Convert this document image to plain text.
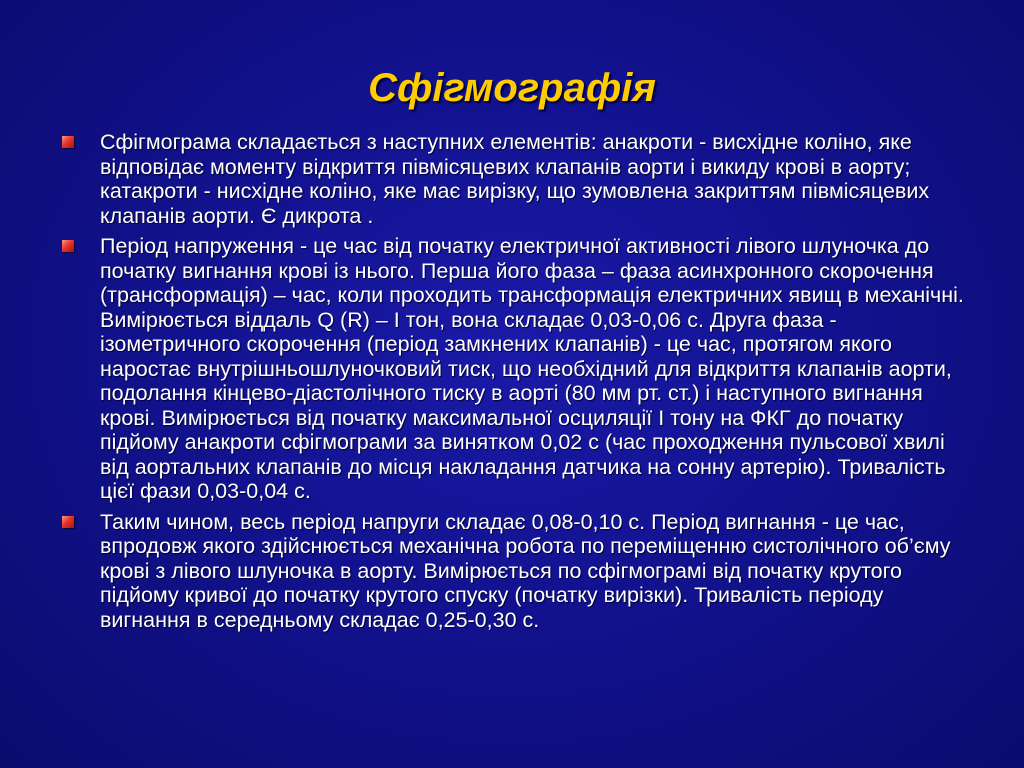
Сфігмографія
Сфігмограма складається з наступних елементів: анакроти - висхідне коліно, яке відповідає моменту відкриття півмісяцевих клапанів аорти і викиду крові в аорту; катакроти - нисхідне коліно, яке має вирізку, що зумовлена закриттям півмісяцевих клапанів аорти. Є дикрота .
Період напруження - це час від початку електричної активності лівого шлуночка до початку вигнання крові із нього. Перша його фаза – фаза асинхронного скорочення (трансформація) – час, коли проходить трансформація електричних явищ в механічні. Вимірюється віддаль Q (R) – I тон, вона складає 0,03-0,06 с. Друга фаза - ізометричного скорочення (період замкнених клапанів) - це час, протягом якого наростає внутрішньошлуночковий тиск, що необхідний для відкриття клапанів аорти, подолання кінцево-діастолічного тиску в аорті (80 мм рт. ст.) і наступного вигнання крові. Вимірюється від початку максимальної осциляції I тону на ФКГ до початку підйому анакроти сфігмограми за винятком 0,02 с (час проходження пульсової хвилі від аортальних клапанів до місця накладання датчика на сонну артерію). Тривалість цієї фази 0,03-0,04 с.
Таким чином, весь період напруги складає 0,08-0,10 с. Період вигнання - це час, впродовж якого здійснюється механічна робота по переміщенню систолічного об’єму крові з лівого шлуночка в аорту. Вимірюється по сфігмограмі від початку крутого підйому кривої до початку крутого спуску (початку вирізки). Тривалість періоду вигнання в середньому складає 0,25-0,30 с.
